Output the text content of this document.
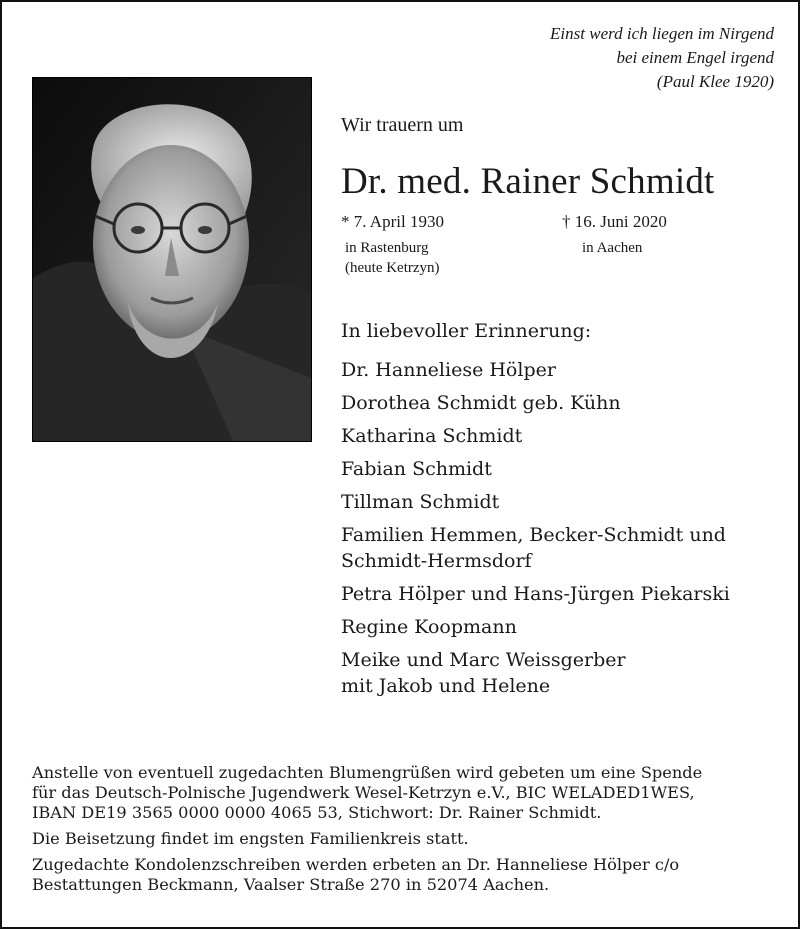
Einst werd ich liegen im Nirgend
bei einem Engel irgend
(Paul Klee 1920)
Wir trauern um
Dr. med. Rainer Schmidt
* 7. April 1930	† 16. Juni 2020
in Rastenburg
(heute Ketrzyn)
in Aachen
In liebevoller Erinnerung:
Dr. Hanneliese Hölper
Dorothea Schmidt geb. Kühn
Katharina Schmidt
Fabian Schmidt
Tillman Schmidt
Familien Hemmen, Becker-Schmidt und
Schmidt-Hermsdorf
Petra Hölper und Hans-Jürgen Piekarski
Regine Koopmann
Meike und Marc Weissgerber
mit Jakob und Helene

Anstelle von eventuell zugedachten Blumengrüßen wird gebeten um eine Spende
für das Deutsch-Polnische Jugendwerk Wesel-Ketrzyn e.V., BIC WELADED1WES,
IBAN DE19 3565 0000 0000 4065 53, Stichwort: Dr. Rainer Schmidt.

Die Beisetzung findet im engsten Familienkreis statt.

Zugedachte Kondolenzschreiben werden erbeten an Dr. Hanneliese Hölper c/o
Bestattungen Beckmann, Vaalser Straße 270 in 52074 Aachen.
